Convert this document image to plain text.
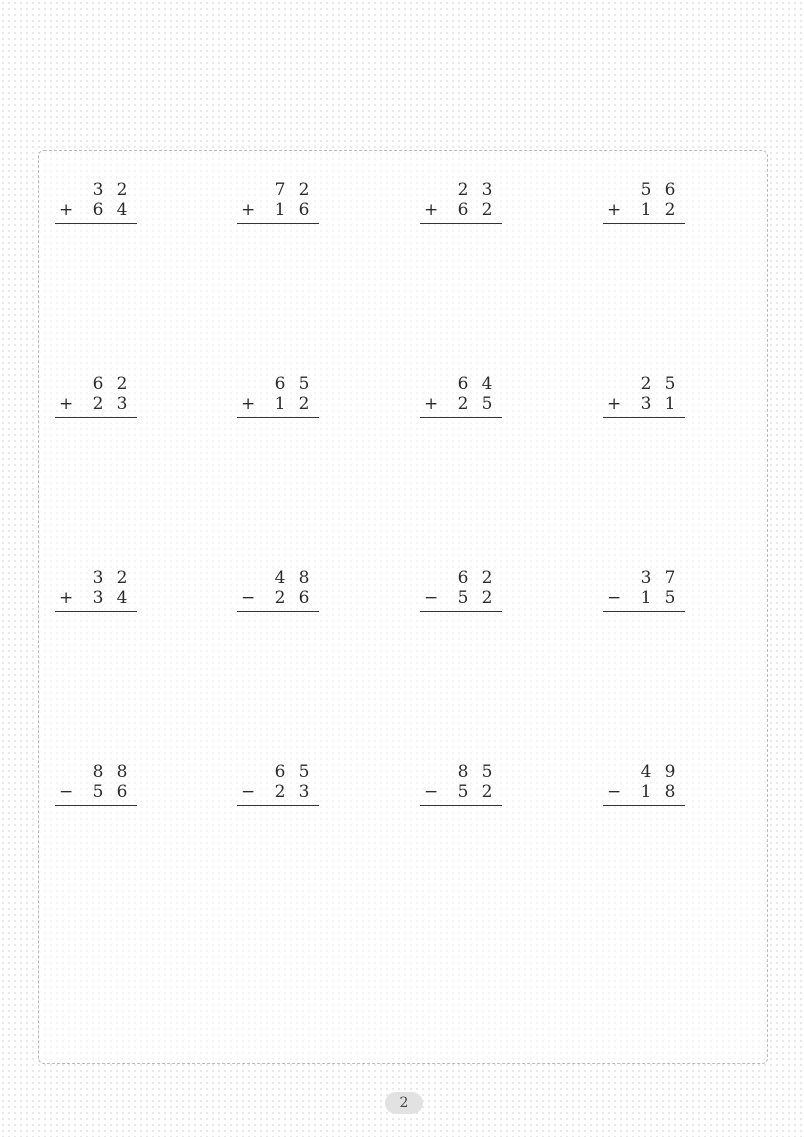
3 2
+ 6 4
7 2
+ 1 6
2 3
+ 6 2
5 6
+ 1 2
6 2
+ 2 3
6 5
+ 1 2
6 4
+ 2 5
2 5
+ 3 1
3 2
+ 3 4
4 8
− 2 6
6 2
− 5 2
3 7
− 1 5
8 8
− 5 6
6 5
− 2 3
8 5
− 5 2
4 9
− 1 8
2
